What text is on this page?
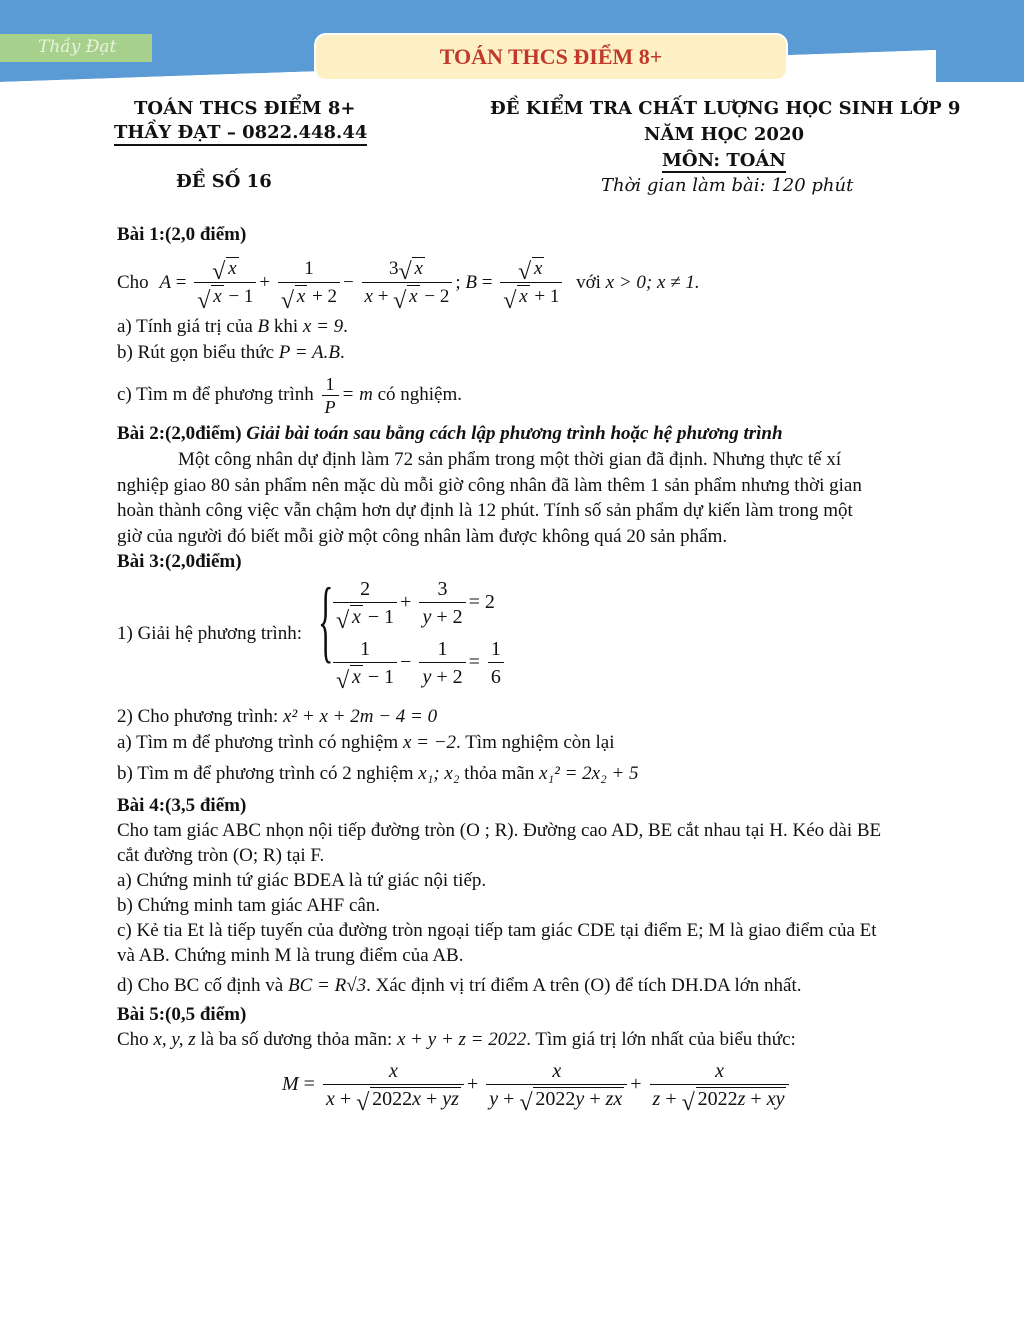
Thầy Đạt	TOÁN THCS ĐIỂM 8+
TOÁN THCS ĐIỂM 8+
THẦY ĐẠT – 0822.448.44
ĐỀ SỐ 16
ĐỀ KIỂM TRA CHẤT LƯỢNG HỌC SINH LỚP 9
NĂM HỌC 2020
MÔN: TOÁN
Thời gian làm bài: 120 phút
Bài 1:(2,0 điểm)
Cho $A = \frac{√ x}{√ x - 1} + \frac{1}{√ x + 2} - \frac{3 √ x}{x + √ x - 2}$ ; $B = \frac{√ x}{√ x + 1}$ với x > 0; x ≠ 1.
a) Tính giá trị của B khi x = 9.
b) Rút gọn biểu thức P = A.B.
c) Tìm m để phương trình $\frac{1}{P} = m$ có nghiệm.
Bài 2:(2,0điểm) Giải bài toán sau bằng cách lập phương trình hoặc hệ phương trình
Một công nhân dự định làm 72 sản phẩm trong một thời gian đã định. Nhưng thực tế xí
nghiệp giao 80 sản phẩm nên mặc dù mỗi giờ công nhân đã làm thêm 1 sản phẩm nhưng thời gian
hoàn thành công việc vẫn chậm hơn dự định là 12 phút. Tính số sản phẩm dự kiến làm trong một
giờ của người đó biết mỗi giờ một công nhân làm được không quá 20 sản phẩm.
Bài 3:(2,0điểm)
1) Giải hệ phương trình: { $\frac{2}{√ x - 1} + \frac{3}{y + 2} = 2$
$\frac{1}{√ x - 1} - \frac{1}{y + 2} = \frac{1}{6}$
2) Cho phương trình: x² + x + 2m − 4 = 0
a) Tìm m để phương trình có nghiệm x = −2. Tìm nghiệm còn lại
b) Tìm m để phương trình có 2 nghiệm x₁; x₂ thỏa mãn x₁² = 2x₂ + 5
Bài 4:(3,5 điểm)
Cho tam giác ABC nhọn nội tiếp đường tròn (O ; R). Đường cao AD, BE cắt nhau tại H. Kéo dài BE
cắt đường tròn (O; R) tại F.
a) Chứng minh tứ giác BDEA là tứ giác nội tiếp.
b) Chứng minh tam giác AHF cân.
c) Kẻ tia Et là tiếp tuyến của đường tròn ngoại tiếp tam giác CDE tại điểm E; M là giao điểm của Et
và AB. Chứng minh M là trung điểm của AB.
d) Cho BC cố định và BC = R√3. Xác định vị trí điểm A trên (O) để tích DH.DA lớn nhất.
Bài 5:(0,5 điểm)
Cho x, y, z là ba số dương thỏa mãn: x + y + z = 2022. Tìm giá trị lớn nhất của biểu thức:
$M = \frac{x}{x + √ 2022x + yz} + \frac{x}{y + √ 2022y + zx} + \frac{x}{z + √ 2022z + xy}$
